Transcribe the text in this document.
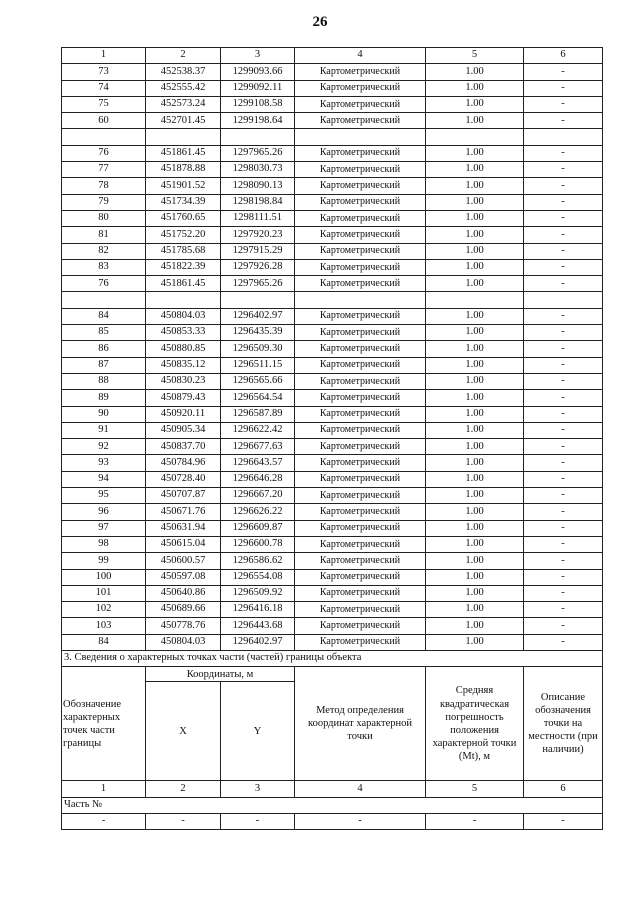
26
1	2	3	4	5	6
73	452538.37	1299093.66	Картометрический	1.00	-
74	452555.42	1299092.11	Картометрический	1.00	-
75	452573.24	1299108.58	Картометрический	1.00	-
60	452701.45	1299198.64	Картометрический	1.00	-

76	451861.45	1297965.26	Картометрический	1.00	-
77	451878.88	1298030.73	Картометрический	1.00	-
78	451901.52	1298090.13	Картометрический	1.00	-
79	451734.39	1298198.84	Картометрический	1.00	-
80	451760.65	1298111.51	Картометрический	1.00	-
81	451752.20	1297920.23	Картометрический	1.00	-
82	451785.68	1297915.29	Картометрический	1.00	-
83	451822.39	1297926.28	Картометрический	1.00	-
76	451861.45	1297965.26	Картометрический	1.00	-

84	450804.03	1296402.97	Картометрический	1.00	-
85	450853.33	1296435.39	Картометрический	1.00	-
86	450880.85	1296509.30	Картометрический	1.00	-
87	450835.12	1296511.15	Картометрический	1.00	-
88	450830.23	1296565.66	Картометрический	1.00	-
89	450879.43	1296564.54	Картометрический	1.00	-
90	450920.11	1296587.89	Картометрический	1.00	-
91	450905.34	1296622.42	Картометрический	1.00	-
92	450837.70	1296677.63	Картометрический	1.00	-
93	450784.96	1296643.57	Картометрический	1.00	-
94	450728.40	1296646.28	Картометрический	1.00	-
95	450707.87	1296667.20	Картометрический	1.00	-
96	450671.76	1296626.22	Картометрический	1.00	-
97	450631.94	1296609.87	Картометрический	1.00	-
98	450615.04	1296600.78	Картометрический	1.00	-
99	450600.57	1296586.62	Картометрический	1.00	-
100	450597.08	1296554.08	Картометрический	1.00	-
101	450640.86	1296509.92	Картометрический	1.00	-
102	450689.66	1296416.18	Картометрический	1.00	-
103	450778.76	1296443.68	Картометрический	1.00	-
84	450804.03	1296402.97	Картометрический	1.00	-
3. Сведения о характерных точках части (частей) границы объекта					
Обозначение характерных точек части границы	Координаты, м		Метод определения координат характерной точки	Средняя квадратическая погрешность положения характерной точки (Mt), м	Описание обозначения точки на местности (при наличии)
	X	Y			
1	2	3	4	5	6
Часть №					
-	-	-	-	-	-
